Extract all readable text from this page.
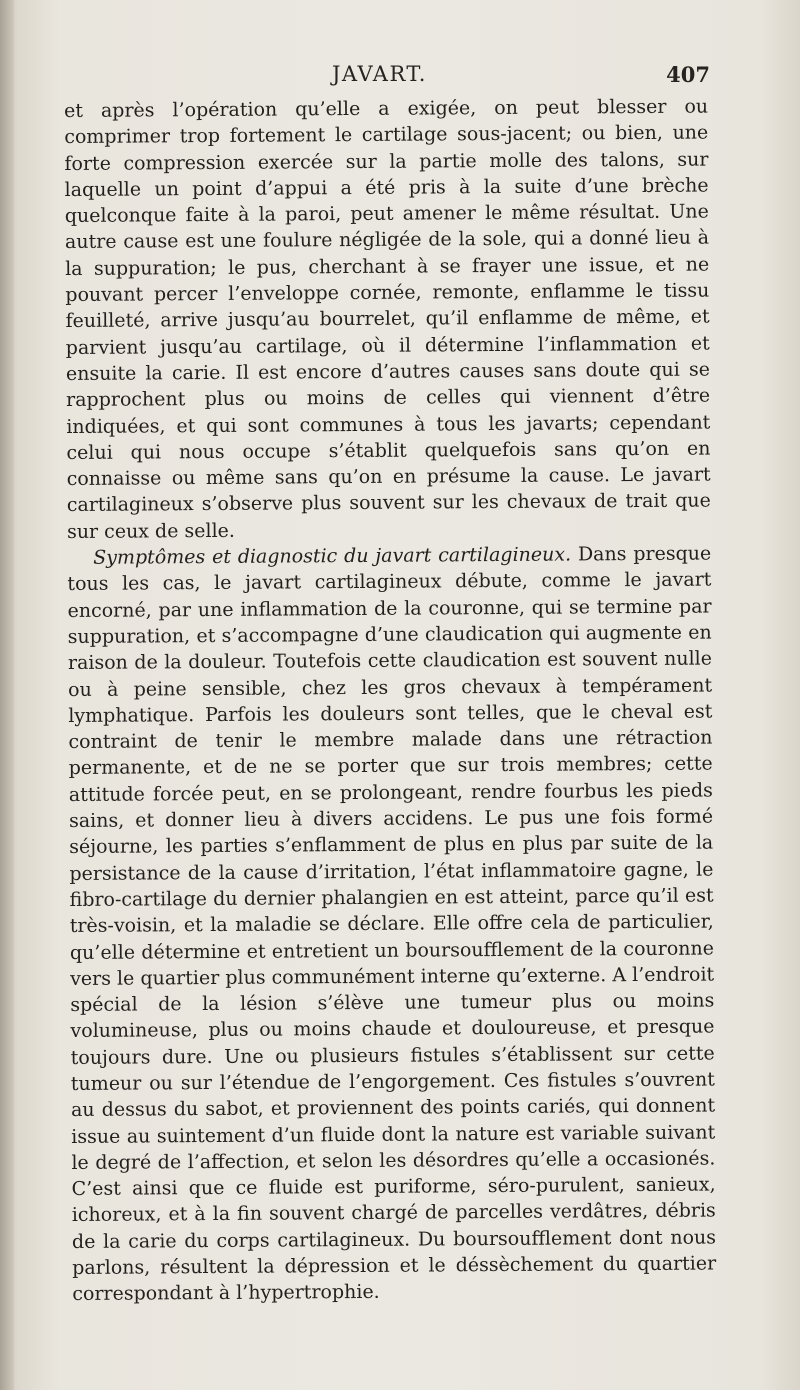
JAVART.	407

et après l’opération qu’elle a exigée, on peut blesser ou comprimer trop fortement le cartilage sous-jacent; ou bien, une forte compression exercée sur la partie molle des talons, sur laquelle un point d’appui a été pris à la suite d’une brèche quelconque faite à la paroi, peut amener le même résultat. Une autre cause est une foulure négligée de la sole, qui a donné lieu à la suppuration; le pus, cherchant à se frayer une issue, et ne pouvant percer l’enveloppe cornée, remonte, enflamme le tissu feuilleté, arrive jusqu’au bourrelet, qu’il enflamme de même, et parvient jusqu’au cartilage, où il détermine l’inflammation et ensuite la carie. Il est encore d’autres causes sans doute qui se rapprochent plus ou moins de celles qui viennent d’être indiquées, et qui sont communes à tous les javarts; cependant celui qui nous occupe s’établit quelquefois sans qu’on en connaisse ou même sans qu’on en présume la cause. Le javart cartilagineux s’observe plus souvent sur les chevaux de trait que sur ceux de selle.

Symptômes et diagnostic du javart cartilagineux. Dans presque tous les cas, le javart cartilagineux débute, comme le javart encorné, par une inflammation de la couronne, qui se termine par suppuration, et s’accompagne d’une claudication qui augmente en raison de la douleur. Toutefois cette claudication est souvent nulle ou à peine sensible, chez les gros chevaux à tempérament lymphatique. Parfois les douleurs sont telles, que le cheval est contraint de tenir le membre malade dans une rétraction permanente, et de ne se porter que sur trois membres; cette attitude forcée peut, en se prolongeant, rendre fourbus les pieds sains, et donner lieu à divers accidens. Le pus une fois formé séjourne, les parties s’enflamment de plus en plus par suite de la persistance de la cause d’irritation, l’état inflammatoire gagne, le fibro-cartilage du dernier phalangien en est atteint, parce qu’il est très-voisin, et la maladie se déclare. Elle offre cela de particulier, qu’elle détermine et entretient un boursoufflement de la couronne vers le quartier plus communément interne qu’externe. A l’endroit spécial de la lésion s’élève une tumeur plus ou moins volumineuse, plus ou moins chaude et douloureuse, et presque toujours dure. Une ou plusieurs fistules s’établissent sur cette tumeur ou sur l’étendue de l’engorgement. Ces fistules s’ouvrent au dessus du sabot, et proviennent des points cariés, qui donnent issue au suintement d’un fluide dont la nature est variable suivant le degré de l’affection, et selon les désordres qu’elle a occasionés. C’est ainsi que ce fluide est puriforme, séro-purulent, sanieux, ichoreux, et à la fin souvent chargé de parcelles verdâtres, débris de la carie du corps cartilagineux. Du boursoufflement dont nous parlons, résultent la dépression et le déssèchement du quartier correspondant à l’hypertrophie.
